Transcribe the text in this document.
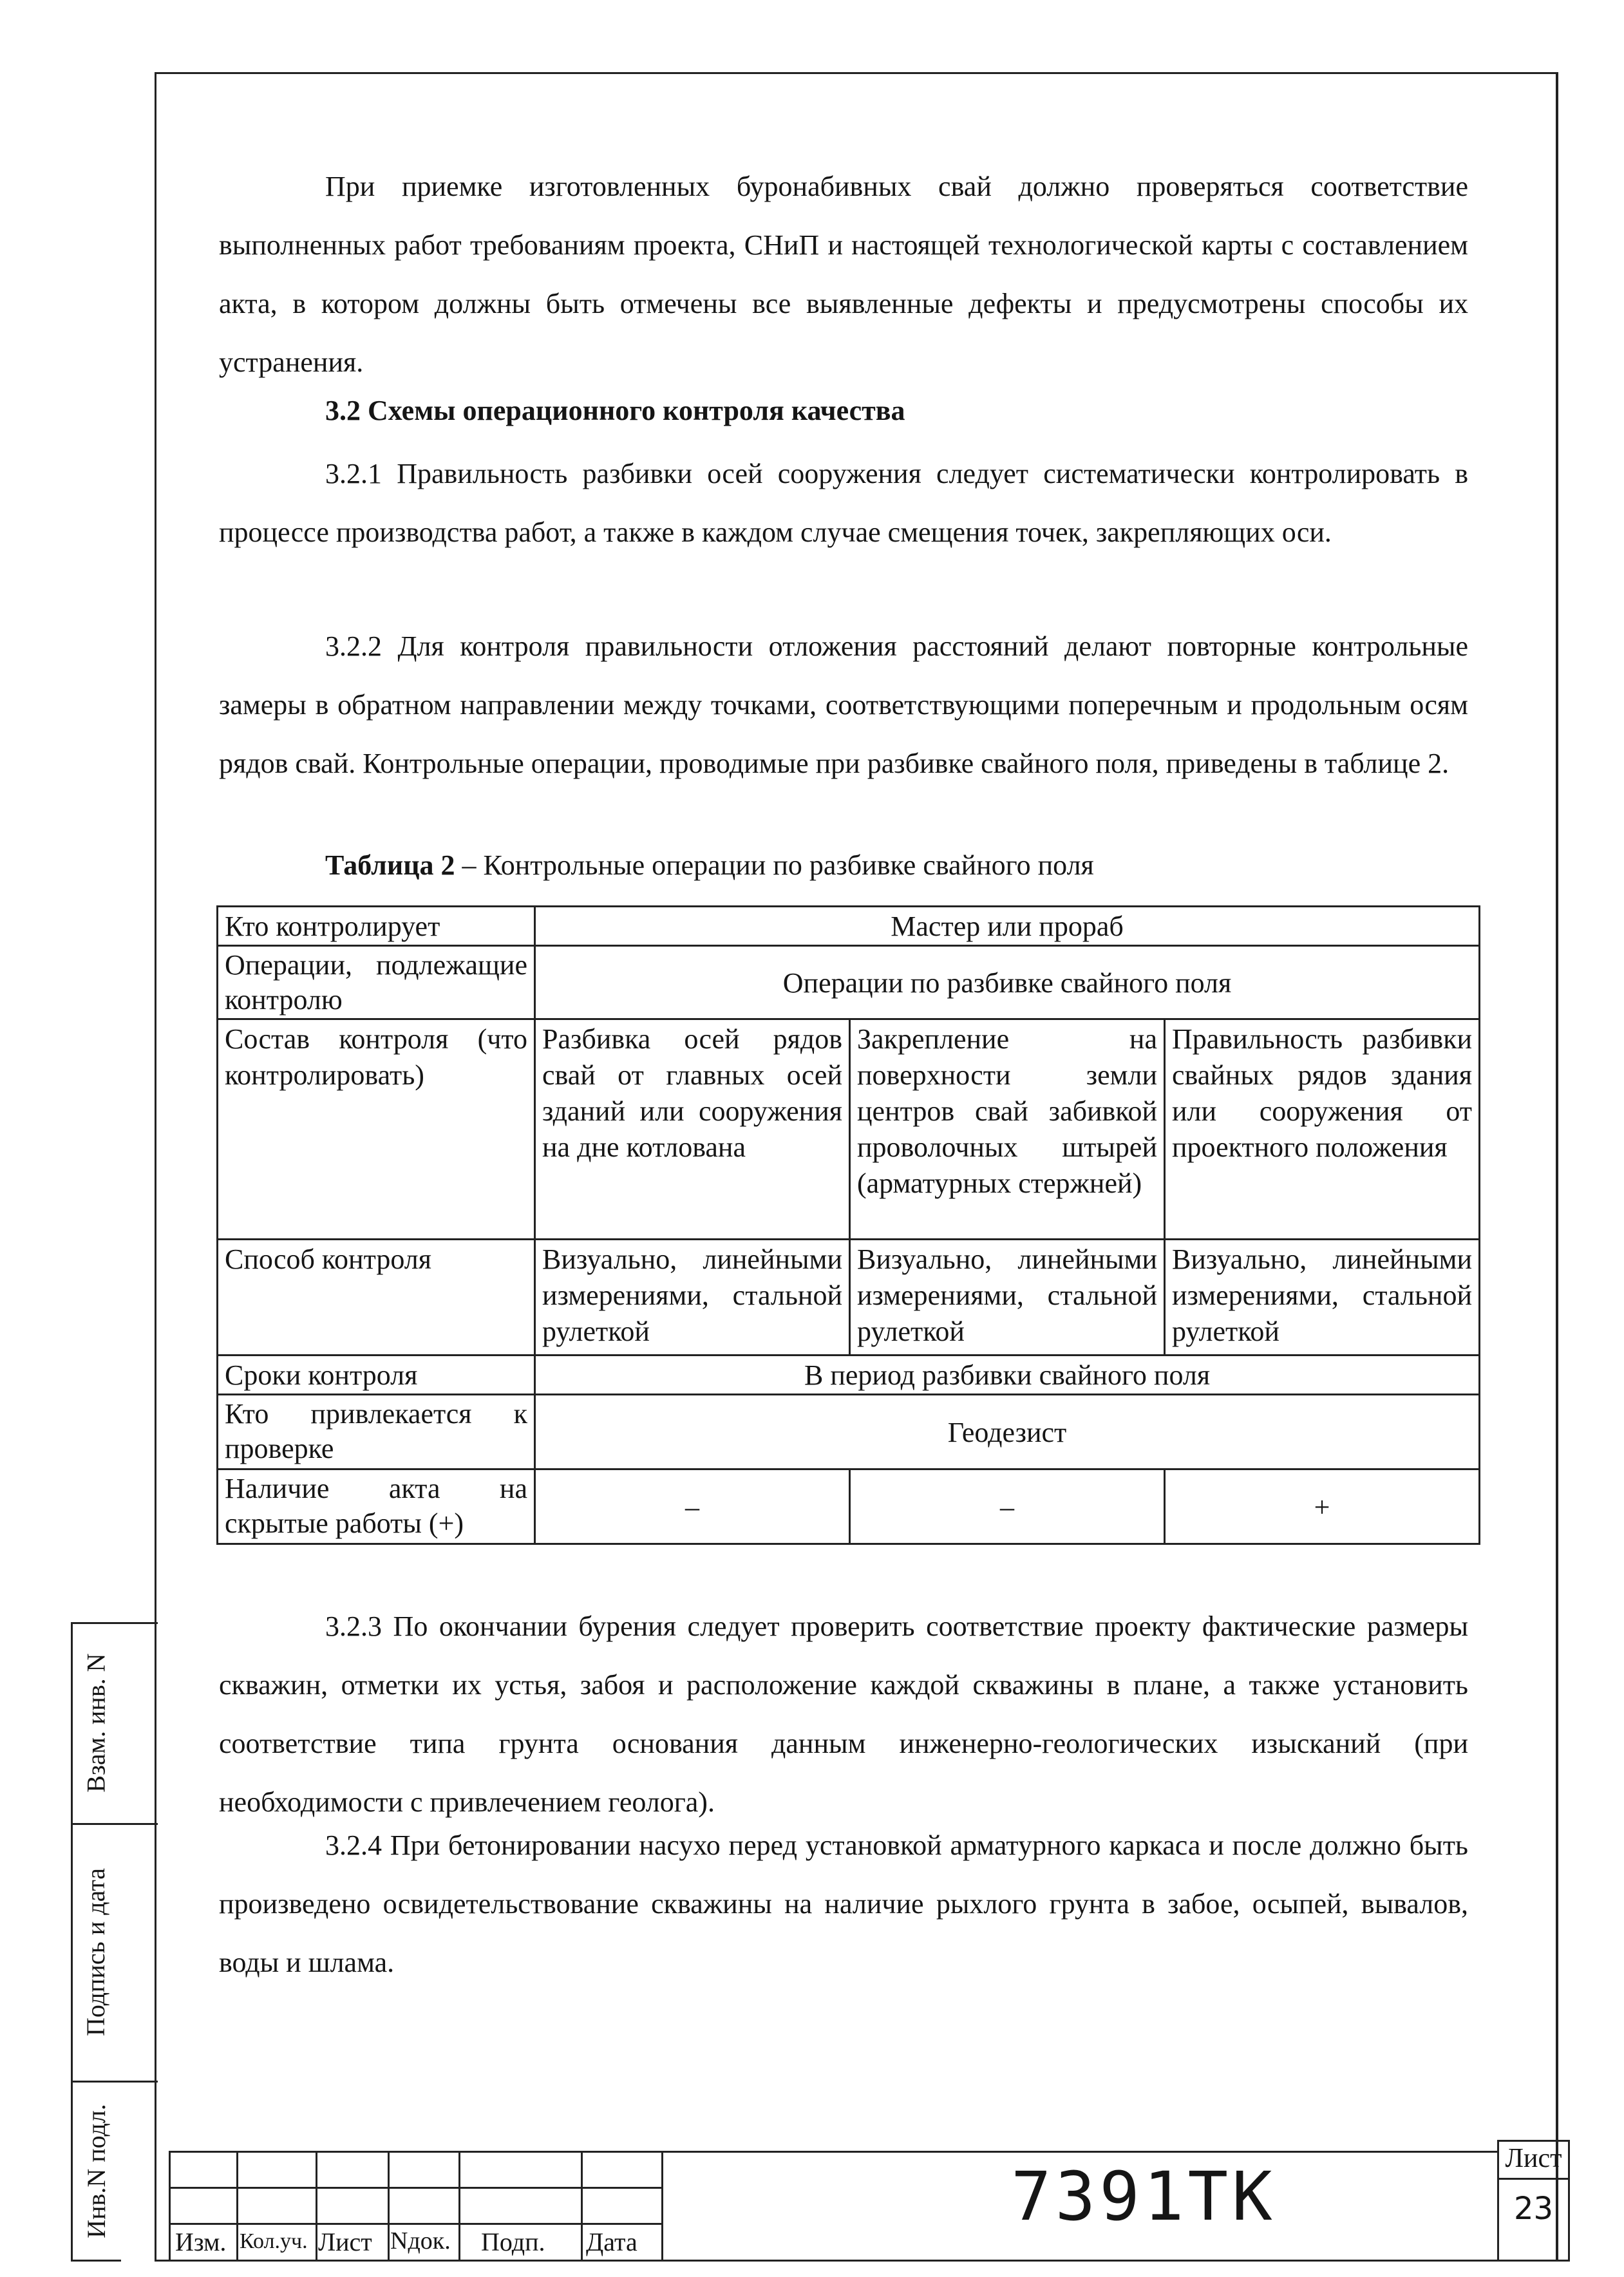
При приемке изготовленных буронабивных свай должно проверяться соответствие выполненных работ требованиям проекта, СНиП и настоящей технологической карты с составлением акта, в котором должны быть отмечены все выявленные дефекты и предусмотрены способы их устранения.
3.2 Схемы операционного контроля качества
3.2.1 Правильность разбивки осей сооружения следует систематически контролировать в процессе производства работ, а также в каждом случае смещения точек, закрепляющих оси.
3.2.2 Для контроля правильности отложения расстояний делают повторные контрольные замеры в обратном направлении между точками, соответствующими поперечным и продольным осям рядов свай. Контрольные операции, проводимые при разбивке свайного поля, приведены в таблице 2.
Таблица 2 – Контрольные операции по разбивке свайного поля
Кто контролирует	Мастер или прораб		
Операции, подлежащие контролю	Операции по разбивке свайного поля		
Состав контроля (что контролировать)	Разбивка осей рядов свай от главных осей зданий или сооружения на дне котлована	Закрепление на поверхности земли центров свай забивкой проволочных штырей (арматурных стержней)	Правильность разбивки свайных рядов здания или сооружения от проектного положения
Способ контроля	Визуально, линейными измерениями, стальной рулеткой	Визуально, линейными измерениями, стальной рулеткой	Визуально, линейными измерениями, стальной рулеткой
Сроки контроля	В период разбивки свайного поля		
Кто привлекается к проверке	Геодезист		
Наличие акта на скрытые работы (+)	–	–	+
3.2.3 По окончании бурения следует проверить соответствие проекту фактические размеры скважин, отметки их устья, забоя и расположение каждой скважины в плане, а также установить соответствие типа грунта основания данным инженерно-геологических изысканий (при необходимости с привлечением геолога).
3.2.4 При бетонировании насухо перед установкой арматурного каркаса и после должно быть произведено освидетельствование скважины на наличие рыхлого грунта в забое, осыпей, вывалов, воды и шлама.
Взам. инв. N
Подпись и дата
Инв.N подл.
Изм. Кол.уч. Лист Nдок. Подп. Дата
7391ТК	Лист
23
